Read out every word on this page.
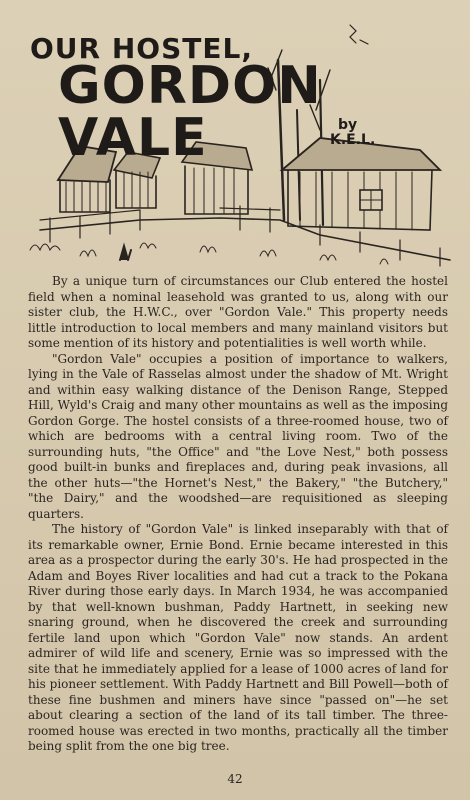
OUR HOSTEL,
GORDON VALE	by
K.E.L.

By a unique turn of circumstances our Club entered the hostel field when a nominal leasehold was granted to us, along with our sister club, the H.W.C., over "Gordon Vale." This property needs little introduction to local members and many mainland visitors but some mention of its history and potentialities is well worth while.

"Gordon Vale" occupies a position of importance to walkers, lying in the Vale of Rasselas almost under the shadow of Mt. Wright and within easy walking distance of the Denison Range, Stepped Hill, Wyld's Craig and many other mountains as well as the imposing Gordon Gorge. The hostel consists of a three-roomed house, two of which are bedrooms with a central living room. Two of the surrounding huts, "the Office" and "the Love Nest," both possess good built-in bunks and fireplaces and, during peak invasions, all the other huts—"the Hornet's Nest," the Bakery," "the Butchery," "the Dairy," and the woodshed—are requisitioned as sleeping quarters.

The history of "Gordon Vale" is linked inseparably with that of its remarkable owner, Ernie Bond. Ernie became interested in this area as a prospector during the early 30's. He had prospected in the Adam and Boyes River localities and had cut a track to the Pokana River during those early days. In March 1934, he was accompanied by that well-known bushman, Paddy Hartnett, in seeking new snaring ground, when he discovered the creek and surrounding fertile land upon which "Gordon Vale" now stands. An ardent admirer of wild life and scenery, Ernie was so impressed with the site that he immediately applied for a lease of 1000 acres of land for his pioneer settlement. With Paddy Hartnett and Bill Powell—both of these fine bushmen and miners have since "passed on"—he set about clearing a section of the land of its tall timber. The three-roomed house was erected in two months, practically all the timber being split from the one big tree.

42
